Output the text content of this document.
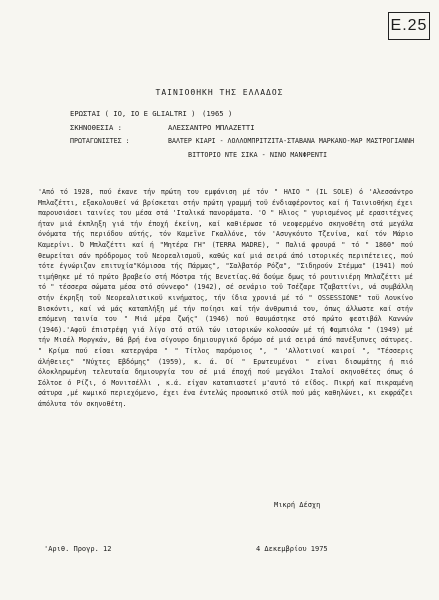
E.25
ΤΑΙΝΙΟΘΗΚΗ ΤΗΣ ΕΛΛΑΔΟΣ
ΕΡΩΣΤΑΙ ( ΙΟ, ΙΟ Ε GLIALTRI ) (1965 )
ΣΚΗΝΟΘΕΣΙΑ :	ΑΛΕΣΣΑΝΤΡΟ ΜΠΛΑΖΕΤΤΙ
ΠΡΩΤΑΓΩΝΙΣΤΕΣ :	ΒΑΛΤΕΡ ΚΙΑΡΙ - ΛΟΛΛΟΜΠΡΙΤΖΙΤΑ-ΣΤΑΒΑΝΑ ΜΑΡΚΑΝΟ-ΜΑΡ ΜΑΣΤΡΟΓΙΑΝΝΗ
ΒΙΤΤΟΡΙΟ ΝΤΕ ΣΙΚΑ - ΝΙΝΟ ΜΑΝΦΡΕΝΤΙ
'Από τό 1928, πού έκανε τήν πρώτη του εμφάνιση μέ τόν " ΗΛΙΟ " (IL SOLE) ό 'Αλεσσάντρο Μπλαζέττι, εξακολουθεί νά βρίσκεται στήν πρώτη γραμμή τοϋ ένδιαφέροντος καί ή Ταινιοθήκη έχει παρουσιάσει ταινίες του μέσα στά 'Ιταλικά πανοράματα. 'Ο " Ηλιος " γυρισμένος μέ ερασιτέχνες ήταν μιά έκπληξη γιά τήν έποχή έκείνη, καί καθιέρωσε τό νεοφερμένο σκηνοθέτη στά μεγάλα όνόματα τής περιόδου αύτής, τόν Καμεϊνε Γκαλλόνε, τόν 'Ασυγκόυτο Τζενίνα, καί τόν Μάριο Καμερίνι. Ό Μπλαζέττι καί ή "Μητέρα ΓΗ" (TERRA MADRE), " Παλιά φρουρά " τό " 1860" πού θεωρείται σάν πρόδρομος τοϋ Νεορεαλισμοϋ, καθώς καί μιά σειρά άπό ιστορικές περιπέτειες, πού τότε έγνώριζαν επιτυχία"Κόμισσα τής Πάρμας", "Σαλβατόρ Ρόζα", "Σιδηρούν Στέμμα" (1941) πού τιμήθηκε μέ τό πρώτο βραβείο στή Μόστρα τής Βενετίας.θά δούμε δμως τό ρουτινιέρη Μπλαζέττι μέ τό " τέσσερα σώματα μέσα στό σύννεφο" (1942), σέ σενάριο τοϋ Τσέζαρε Τζαβαττίνι, νά συμβάλλη στήν έκρηξη τοϋ Νεορεαλιστικοϋ κινήματος, τήν ίδια χρονιά μέ τό " OSSESSIONE" τοϋ Λουκίνο Βισκόντι, καί νά μάς καταπλήξη μέ τήν ποίησι καί τήν άνθρωπιά του, όπως άλλωστε καί στήν επόμενη ταινία του " Μιά μέρα ζωής" (1946) πού θαυμάστηκε στό πρώτο φεστιβάλ Καννών (1946).'Αφοϋ έπιστρέψη γιά λίγο στό στύλ τών ιστορικών κολοσσών μέ τή Φαμπιόλα " (1949) μέ τήν Μισέλ Μοργκάν, θά βρή ένα σίγουρο δημιουργικό δρόμο σέ μιά σειρά άπό πανέξυπνες σάτυρες. " Κρίμα πού είσαι κατεργάρα " " Τίτλος παρόμοιος ", " 'Αλλοτινοί καιροί ", "Τέσσερις άλήθειες" "Νύχτες Εβδόμης" (1959), κ. ά. Οί " Ερωτευμένοι " είναι δισωμάτης ή πιό όλοκληρωμένη τελευταία δημιουργία του σέ μιά έποχή πού μεγάλοι Ιταλοί σκηνοθέτες όπως ό Σόλτοε ό Ρίζι, ό Μονιτσέλλι , κ.ά. είχαν καταπιαστεί μ'αυτό τό είδος. Πικρή καί πικραμένη σάτυρα ,μέ κωμικό περιεχόμενο, έχει ένα έντελώς προσωπικό στύλ πού μάς καθηλώνει, κι εκφράζει άπόλυτα τόν σκηνοθέτη.
Μικρή Δέσχη
'Αριθ. Προγρ. 12	4 Δεκεμβρίου 1975
